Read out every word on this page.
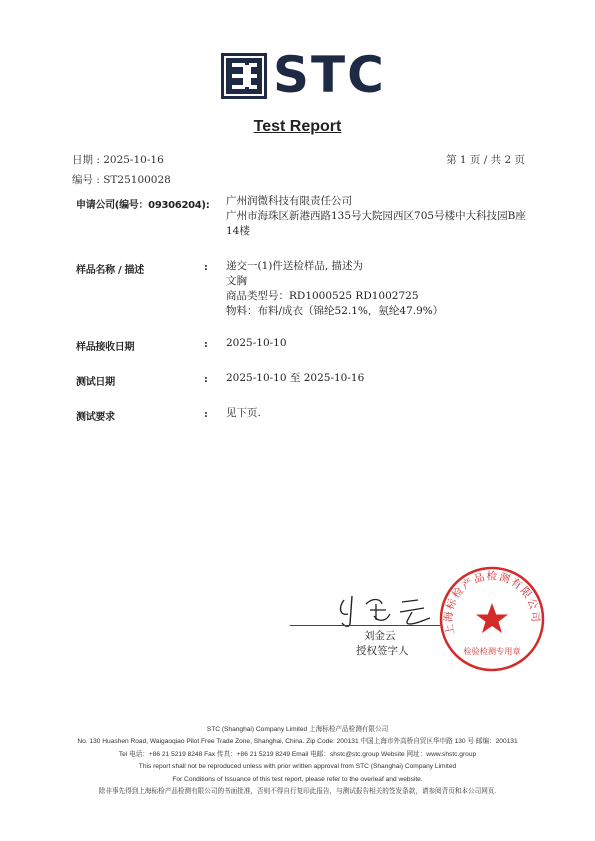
STC
Test Report
日期 : 2025-10-16
编号 : ST25100028
第 1 页 / 共 2 页
申请公司(编号：09306204): 广州润微科技有限责任公司
广州市海珠区新港西路135号大院园西区705号楼中大科技园B座
14楼
样品名称 / 描述	: 递交一(1)件送检样品, 描述为
文胸
商品类型号：RD1000525 RD1002725
物料：布料/成衣（锦纶52.1%，氨纶47.9%）
样品接收日期	: 2025-10-10
测试日期	: 2025-10-10 至 2025-10-16
测试要求	: 见下页.
刘金云
授权签字人
上海标检产品检测有限公司
检验检测专用章
STC (Shanghai) Company Limited 上海标检产品检测有限公司
No. 130 Huashen Road, Waigaoqiao Pilot Free Trade Zone, Shanghai, China. Zip Code: 200131 中国上海市外高桥自贸区华申路 130 号 邮编：200131
Tel 电话：+86 21 5219 8248 Fax 传真：+86 21 5219 8249 Email 电邮：shstc@stc.group Website 网址：www.shstc.group
This report shall not be reproduced unless with prior written approval from STC (Shanghai) Company Limited
For Conditions of Issuance of this test report, please refer to the overleaf and website.
除非事先得到上海标检产品检测有限公司的书面批准，否则不得自行复印此报告，与测试报告相关的签发条款，请参阅背页和本公司网页.
